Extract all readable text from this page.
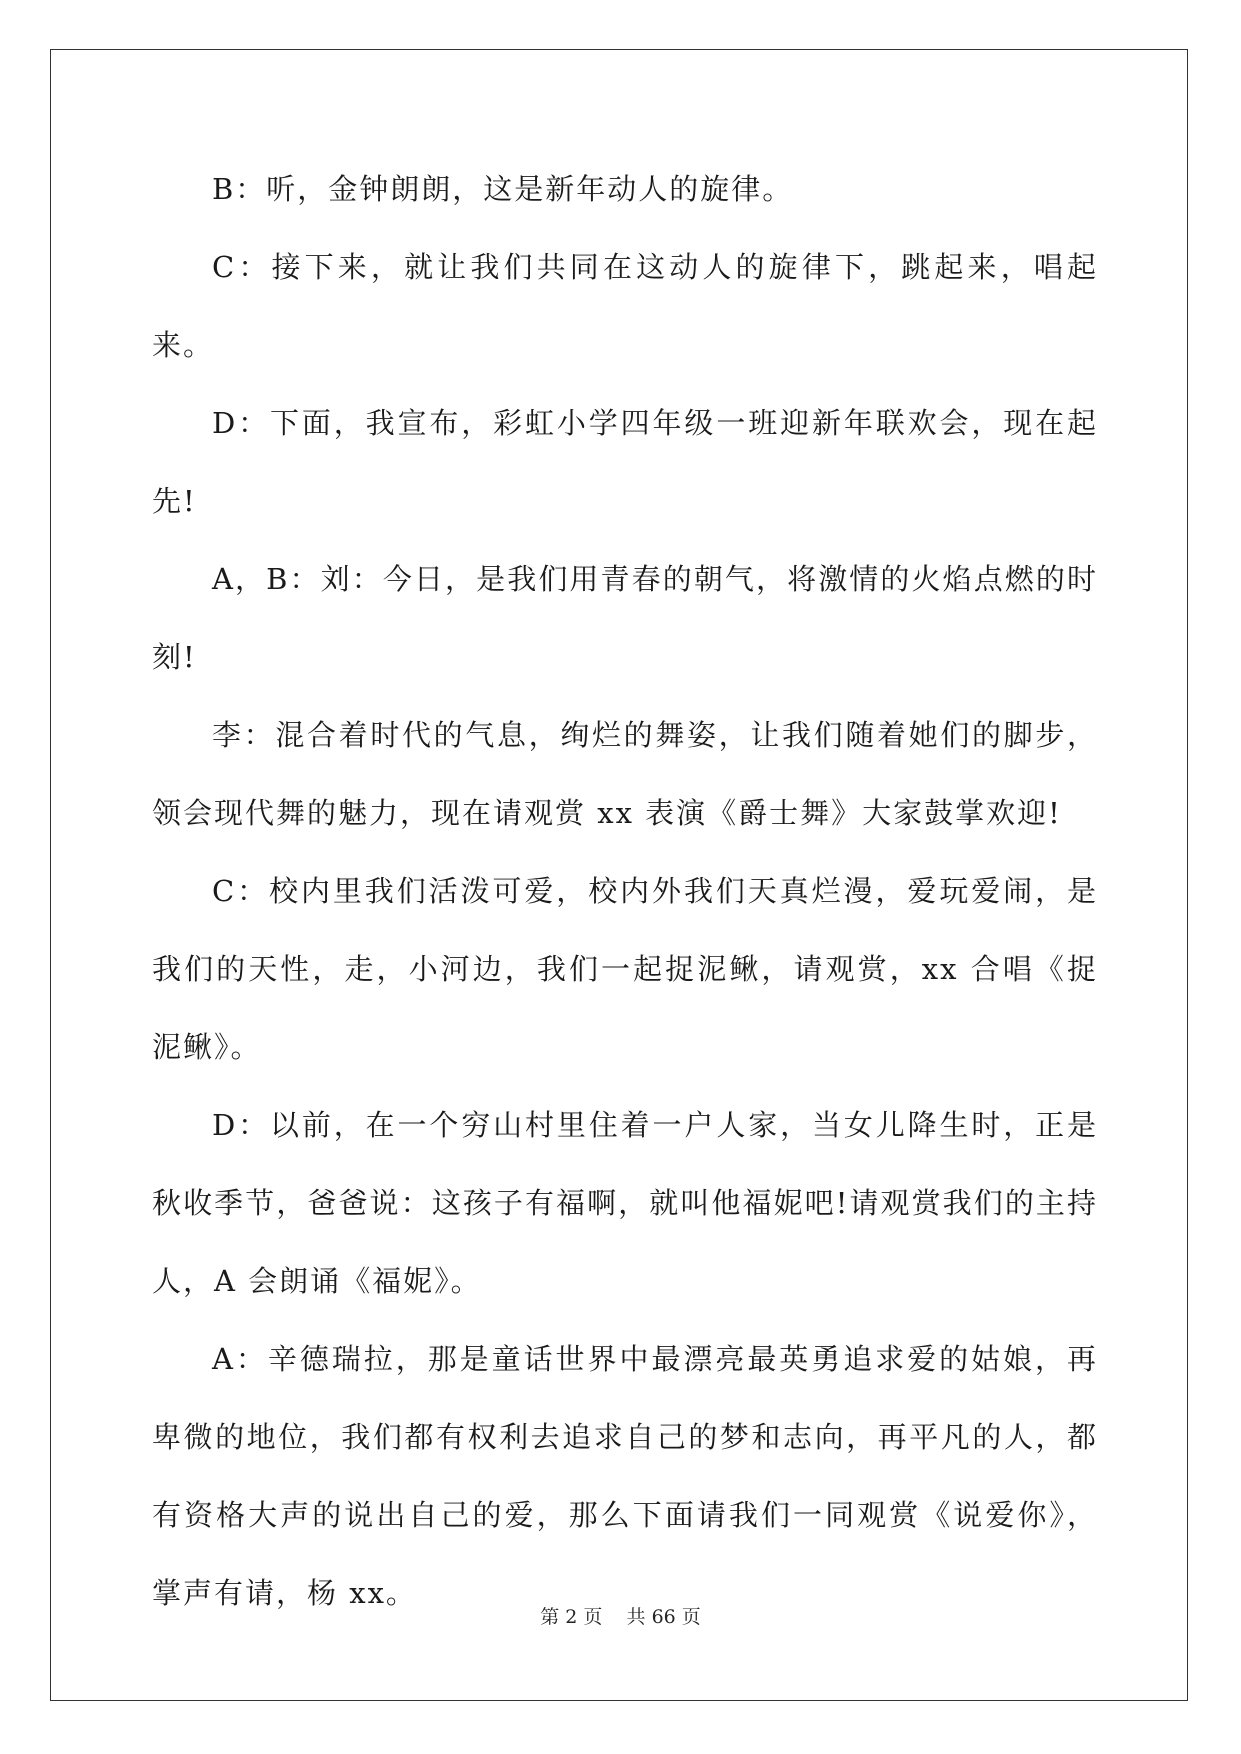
B：听，金钟朗朗，这是新年动人的旋律。

C：接下来，就让我们共同在这动人的旋律下，跳起来，唱起来。

D：下面，我宣布，彩虹小学四年级一班迎新年联欢会，现在起先!

A，B：刘：今日，是我们用青春的朝气，将激情的火焰点燃的时刻!

李：混合着时代的气息，绚烂的舞姿，让我们随着她们的脚步，领会现代舞的魅力，现在请观赏 xx 表演《爵士舞》大家鼓掌欢迎!

C：校内里我们活泼可爱，校内外我们天真烂漫，爱玩爱闹，是我们的天性，走，小河边，我们一起捉泥鳅，请观赏，xx 合唱《捉泥鳅》。

D：以前，在一个穷山村里住着一户人家，当女儿降生时，正是秋收季节，爸爸说：这孩子有福啊，就叫他福妮吧!请观赏我们的主持人，A 会朗诵《福妮》。

A：辛德瑞拉，那是童话世界中最漂亮最英勇追求爱的姑娘，再卑微的地位，我们都有权利去追求自己的梦和志向，再平凡的人，都有资格大声的说出自己的爱，那么下面请我们一同观赏《说爱你》，掌声有请，杨 xx。

第 2 页 共 66 页
